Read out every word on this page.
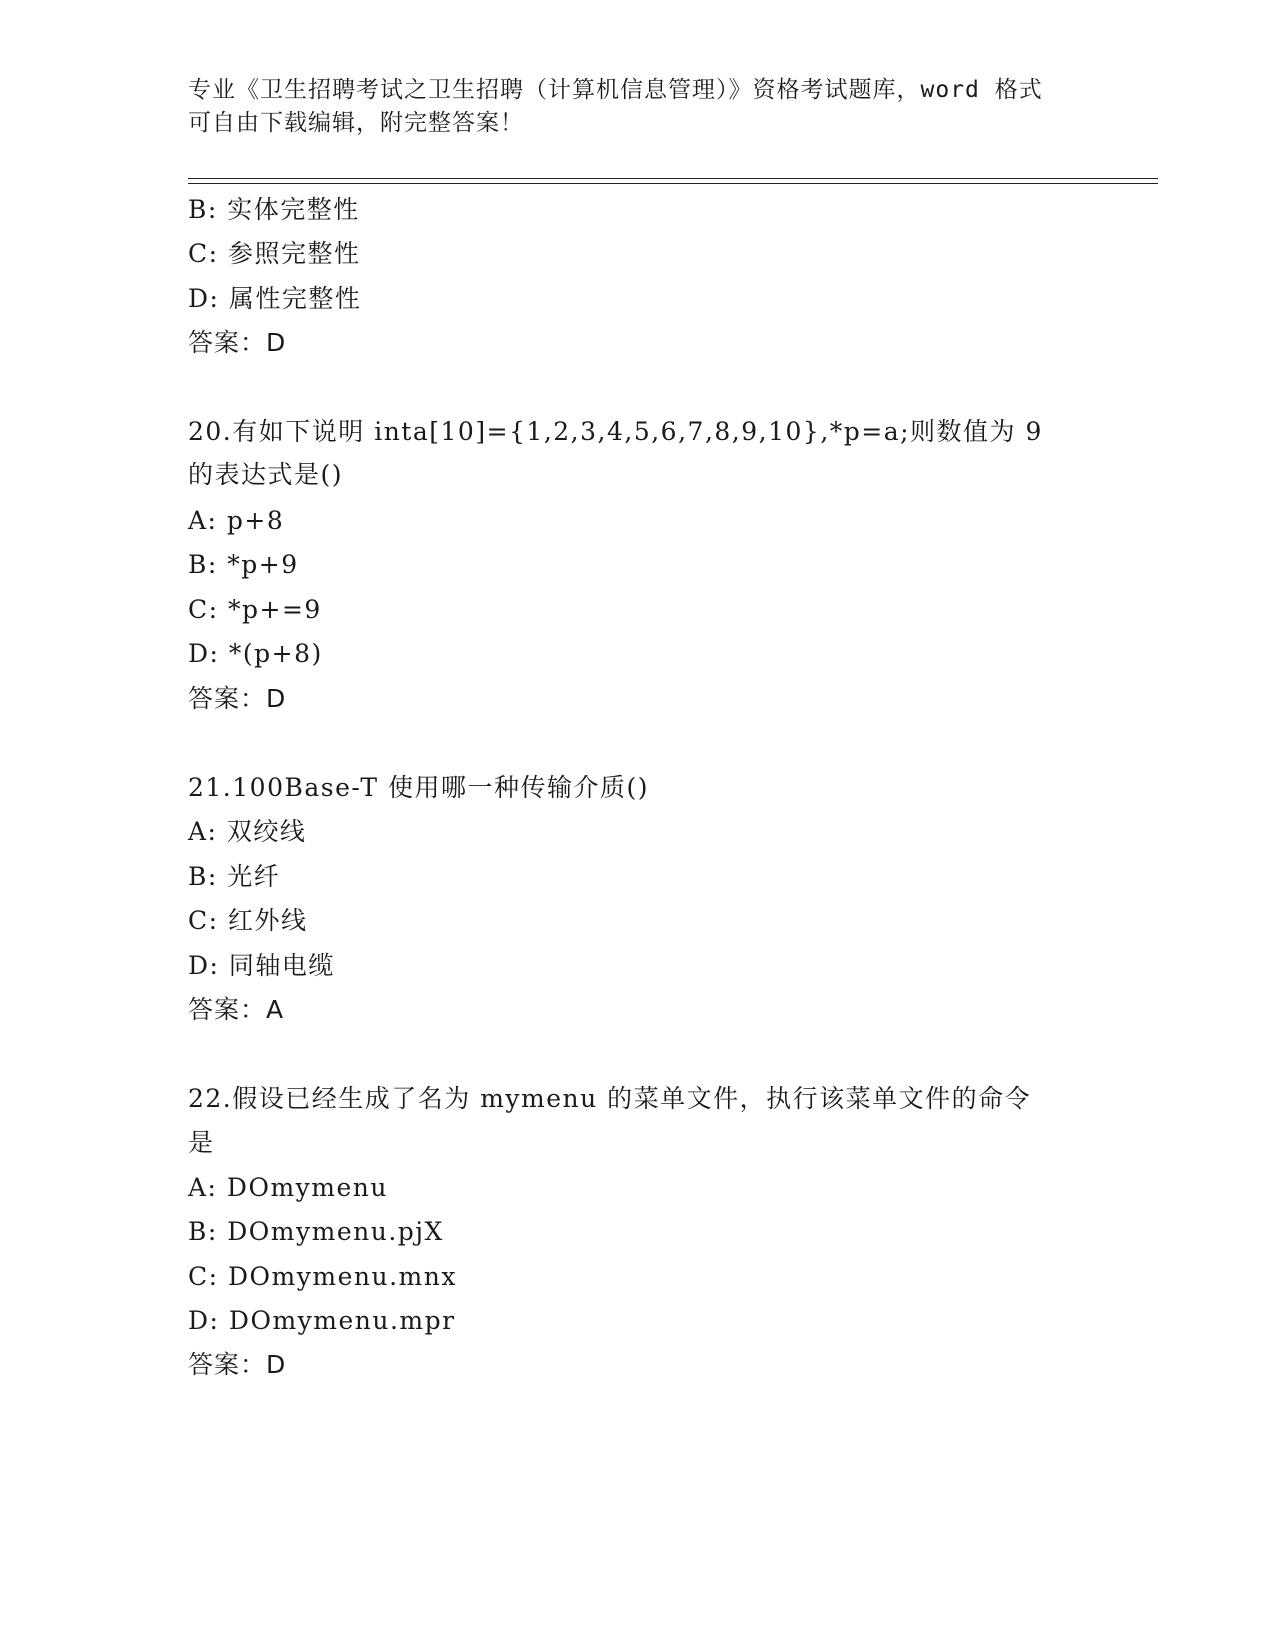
专业《卫生招聘考试之卫生招聘（计算机信息管理）》资格考试题库，word 格式
可自由下载编辑，附完整答案！
B: 实体完整性
C: 参照完整性
D: 属性完整性
答案：D
20.有如下说明 inta[10]={1,2,3,4,5,6,7,8,9,10},*p=a;则数值为 9
的表达式是()
A: p+8
B: *p+9
C: *p+=9
D: *(p+8)
答案：D
21.100Base-T 使用哪一种传输介质()
A: 双绞线
B: 光纤
C: 红外线
D: 同轴电缆
答案：A
22.假设已经生成了名为 mymenu 的菜单文件，执行该菜单文件的命令
是
A: DOmymenu
B: DOmymenu.pjX
C: DOmymenu.mnx
D: DOmymenu.mpr
答案：D
